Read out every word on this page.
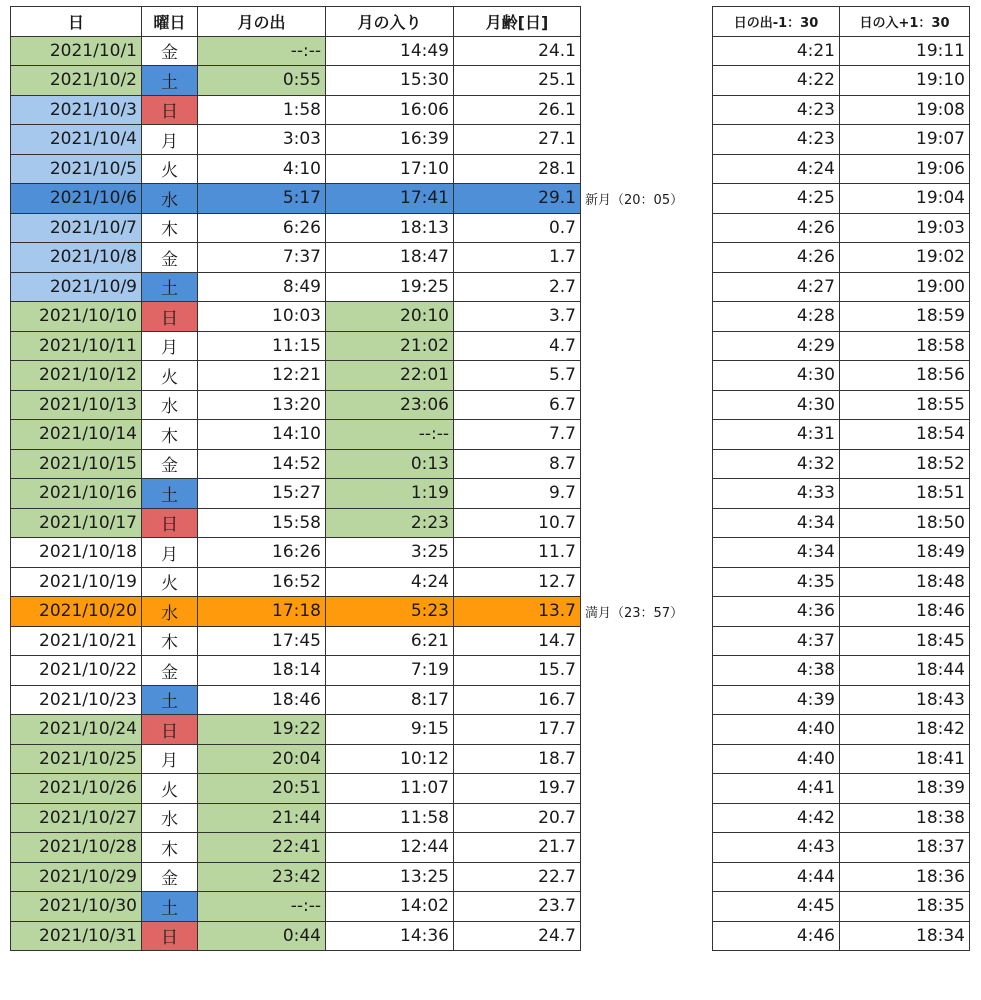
日	曜日	月の出	月の入り	月齢[日]
2021/10/1	金	--:--	14:49	24.1
2021/10/2	土	0:55	15:30	25.1
2021/10/3	日	1:58	16:06	26.1
2021/10/4	月	3:03	16:39	27.1
2021/10/5	火	4:10	17:10	28.1
2021/10/6	水	5:17	17:41	29.1
2021/10/7	木	6:26	18:13	0.7
2021/10/8	金	7:37	18:47	1.7
2021/10/9	土	8:49	19:25	2.7
2021/10/10	日	10:03	20:10	3.7
2021/10/11	月	11:15	21:02	4.7
2021/10/12	火	12:21	22:01	5.7
2021/10/13	水	13:20	23:06	6.7
2021/10/14	木	14:10	--:--	7.7
2021/10/15	金	14:52	0:13	8.7
2021/10/16	土	15:27	1:19	9.7
2021/10/17	日	15:58	2:23	10.7
2021/10/18	月	16:26	3:25	11.7
2021/10/19	火	16:52	4:24	12.7
2021/10/20	水	17:18	5:23	13.7
2021/10/21	木	17:45	6:21	14.7
2021/10/22	金	18:14	7:19	15.7
2021/10/23	土	18:46	8:17	16.7
2021/10/24	日	19:22	9:15	17.7
2021/10/25	月	20:04	10:12	18.7
2021/10/26	火	20:51	11:07	19.7
2021/10/27	水	21:44	11:58	20.7
2021/10/28	木	22:41	12:44	21.7
2021/10/29	金	23:42	13:25	22.7
2021/10/30	土	--:--	14:02	23.7
2021/10/31	日	0:44	14:36	24.7
日の出-1：30	日の入+1：30
4:21	19:11
4:22	19:10
4:23	19:08
4:23	19:07
4:24	19:06
4:25	19:04
4:26	19:03
4:26	19:02
4:27	19:00
4:28	18:59
4:29	18:58
4:30	18:56
4:30	18:55
4:31	18:54
4:32	18:52
4:33	18:51
4:34	18:50
4:34	18:49
4:35	18:48
4:36	18:46
4:37	18:45
4:38	18:44
4:39	18:43
4:40	18:42
4:40	18:41
4:41	18:39
4:42	18:38
4:43	18:37
4:44	18:36
4:45	18:35
4:46	18:34
新月（20：05）
満月（23：57）
